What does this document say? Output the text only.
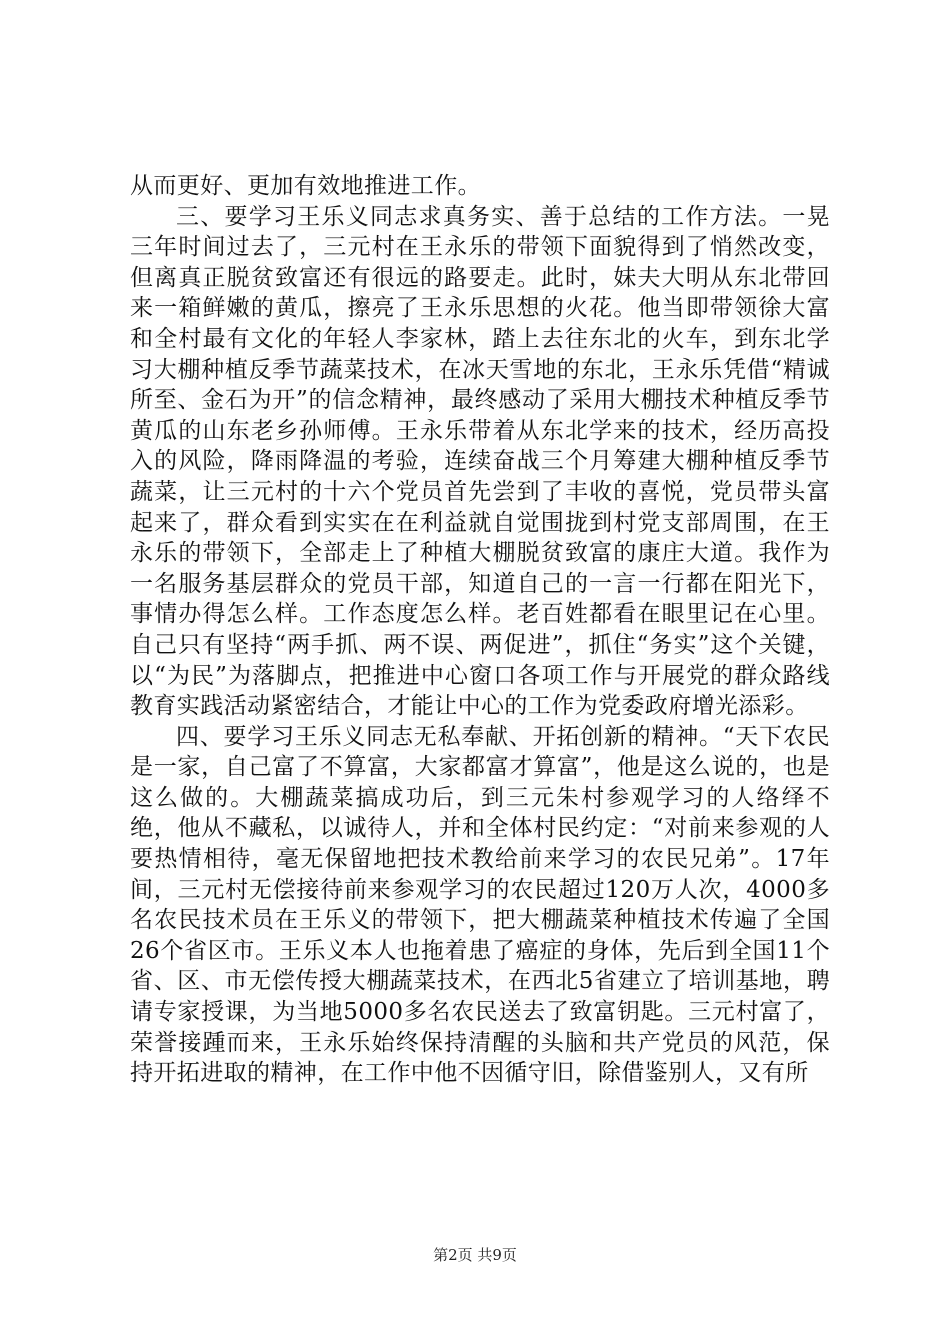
从而更好、更加有效地推进工作。

三、要学习王乐义同志求真务实、善于总结的工作方法。一晃三年时间过去了，三元村在王永乐的带领下面貌得到了悄然改变，但离真正脱贫致富还有很远的路要走。此时，妹夫大明从东北带回来一箱鲜嫩的黄瓜，擦亮了王永乐思想的火花。他当即带领徐大富和全村最有文化的年轻人李家林，踏上去往东北的火车，到东北学习大棚种植反季节蔬菜技术，在冰天雪地的东北，王永乐凭借“精诚所至、金石为开”的信念精神，最终感动了采用大棚技术种植反季节黄瓜的山东老乡孙师傅。王永乐带着从东北学来的技术，经历高投入的风险，降雨降温的考验，连续奋战三个月筹建大棚种植反季节蔬菜，让三元村的十六个党员首先尝到了丰收的喜悦，党员带头富起来了，群众看到实实在在利益就自觉围拢到村党支部周围，在王永乐的带领下，全部走上了种植大棚脱贫致富的康庄大道。我作为一名服务基层群众的党员干部，知道自己的一言一行都在阳光下，事情办得怎么样。工作态度怎么样。老百姓都看在眼里记在心里。自己只有坚持“两手抓、两不误、两促进”，抓住“务实”这个关键，以“为民”为落脚点，把推进中心窗口各项工作与开展党的群众路线教育实践活动紧密结合，才能让中心的工作为党委政府增光添彩。

四、要学习王乐义同志无私奉献、开拓创新的精神。“天下农民是一家，自己富了不算富，大家都富才算富”，他是这么说的，也是这么做的。大棚蔬菜搞成功后，到三元朱村参观学习的人络绎不绝，他从不藏私，以诚待人，并和全体村民约定：“对前来参观的人要热情相待，毫无保留地把技术教给前来学习的农民兄弟”。17年间，三元村无偿接待前来参观学习的农民超过120万人次，4000多名农民技术员在王乐义的带领下，把大棚蔬菜种植技术传遍了全国26个省区市。王乐义本人也拖着患了癌症的身体，先后到全国11个省、区、市无偿传授大棚蔬菜技术，在西北5省建立了培训基地，聘请专家授课，为当地5000多名农民送去了致富钥匙。三元村富了，荣誉接踵而来，王永乐始终保持清醒的头脑和共产党员的风范，保持开拓进取的精神，在工作中他不因循守旧，除借鉴别人，又有所

第2页 共9页
